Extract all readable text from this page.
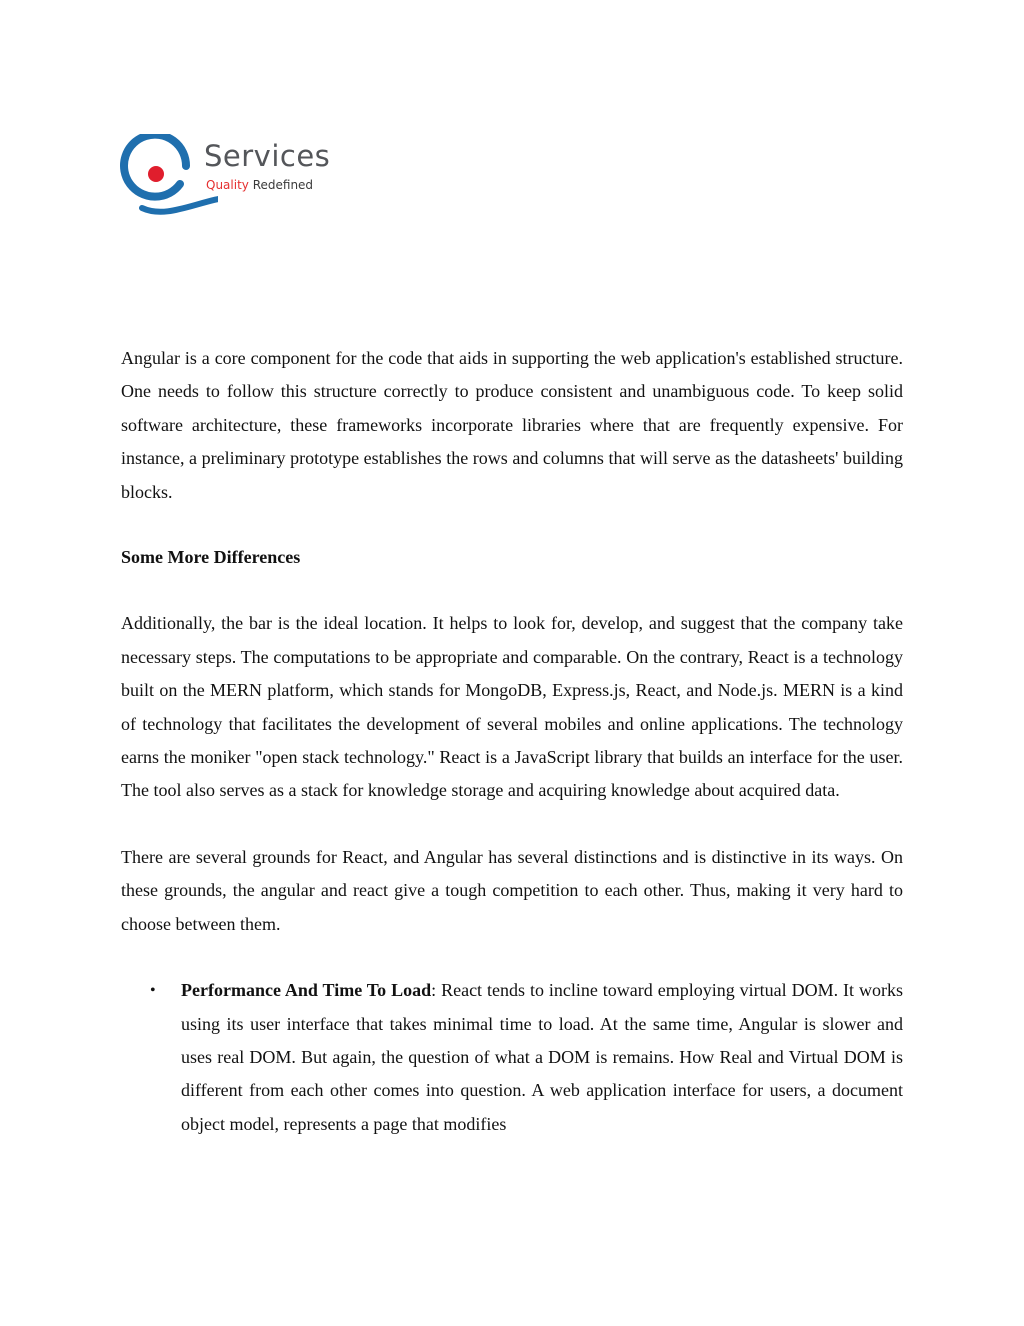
Services
Quality Redefined

Angular is a core component for the code that aids in supporting the web application's established structure. One needs to follow this structure correctly to produce consistent and unambiguous code. To keep solid software architecture, these frameworks incorporate libraries where that are frequently expensive. For instance, a preliminary prototype establishes the rows and columns that will serve as the datasheets' building blocks.

Some More Differences

Additionally, the bar is the ideal location. It helps to look for, develop, and suggest that the company take necessary steps. The computations to be appropriate and comparable. On the contrary, React is a technology built on the MERN platform, which stands for MongoDB, Express.js, React, and Node.js. MERN is a kind of technology that facilitates the development of several mobiles and online applications. The technology earns the moniker "open stack technology." React is a JavaScript library that builds an interface for the user. The tool also serves as a stack for knowledge storage and acquiring knowledge about acquired data.

There are several grounds for React, and Angular has several distinctions and is distinctive in its ways. On these grounds, the angular and react give a tough competition to each other. Thus, making it very hard to choose between them.

• Performance And Time To Load: React tends to incline toward employing virtual DOM. It works using its user interface that takes minimal time to load. At the same time, Angular is slower and uses real DOM. But again, the question of what a DOM is remains. How Real and Virtual DOM is different from each other comes into question. A web application interface for users, a document object model, represents a page that modifies
